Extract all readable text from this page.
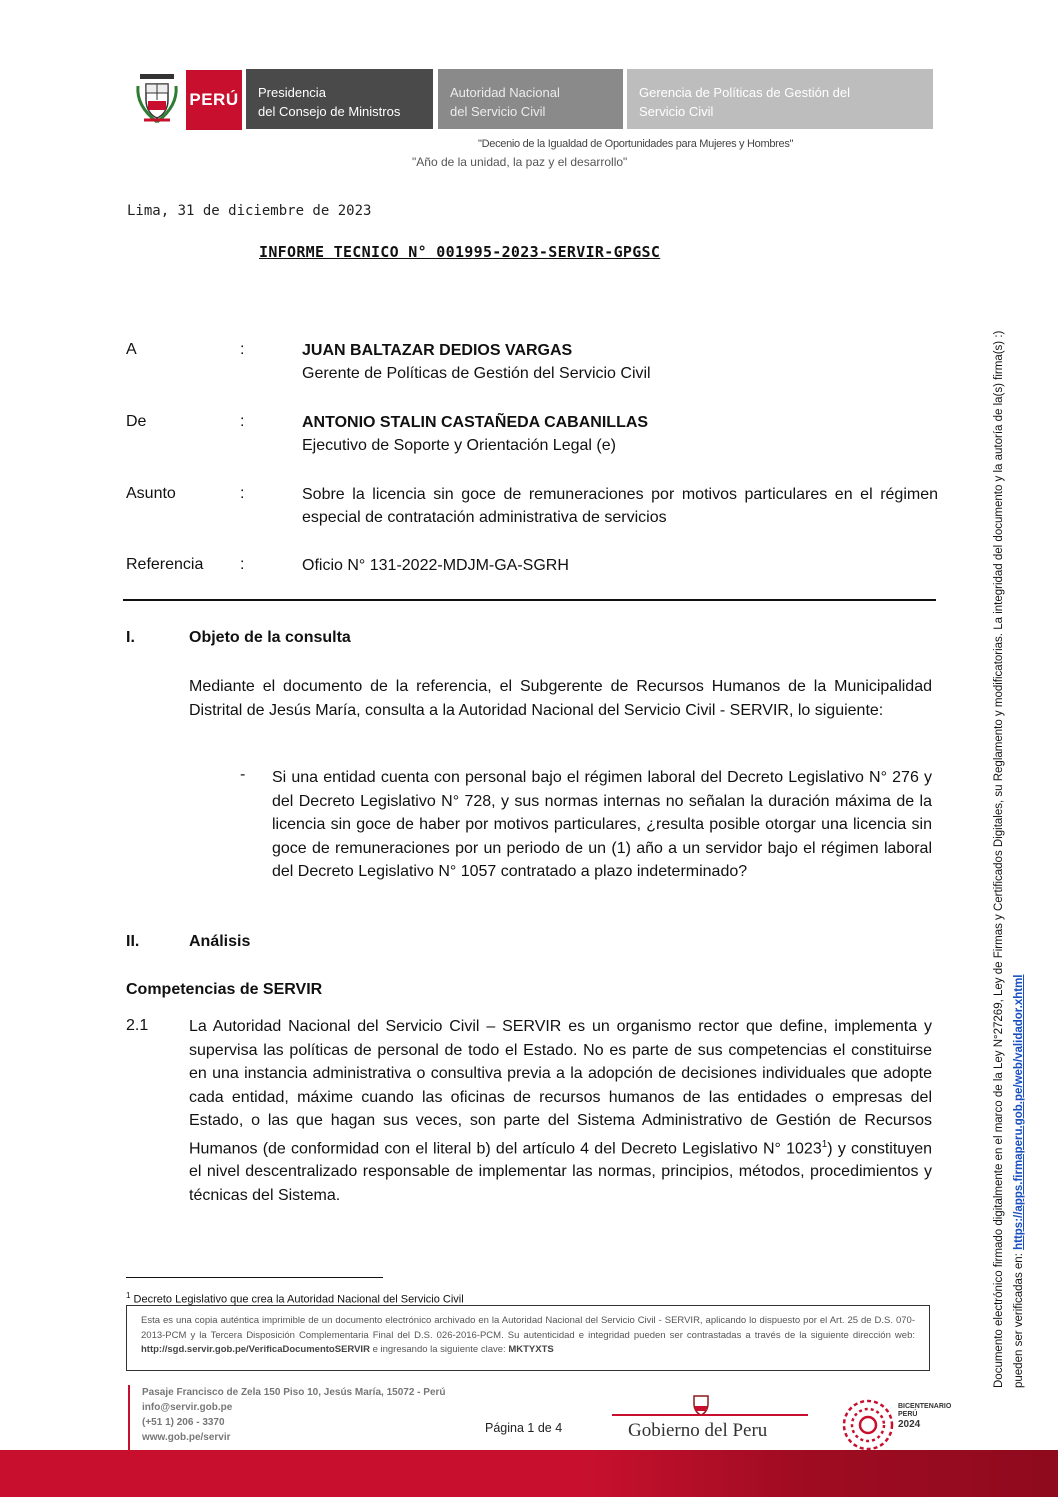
PERÚ Presidencia
del Consejo de Ministros
Autoridad Nacional
del Servicio Civil
Gerencia de Políticas de Gestión del
Servicio Civil
"Decenio de la Igualdad de Oportunidades para Mujeres y Hombres"
"Año de la unidad, la paz y el desarrollo"
Lima, 31 de diciembre de 2023
INFORME TECNICO N° 001995-2023-SERVIR-GPGSC
A	:	JUAN BALTAZAR DEDIOS VARGAS
Gerente de Políticas de Gestión del Servicio Civil
De	:	ANTONIO STALIN CASTAÑEDA CABANILLAS
Ejecutivo de Soporte y Orientación Legal (e)
Asunto	:	Sobre la licencia sin goce de remuneraciones por motivos particulares en el régimen especial de contratación administrativa de servicios
Referencia :	Oficio N° 131-2022-MDJM-GA-SGRH
I.	Objeto de la consulta
Mediante el documento de la referencia, el Subgerente de Recursos Humanos de la Municipalidad Distrital de Jesús María, consulta a la Autoridad Nacional del Servicio Civil - SERVIR, lo siguiente:
- Si una entidad cuenta con personal bajo el régimen laboral del Decreto Legislativo N° 276 y del Decreto Legislativo N° 728, y sus normas internas no señalan la duración máxima de la licencia sin goce de haber por motivos particulares, ¿resulta posible otorgar una licencia sin goce de remuneraciones por un periodo de un (1) año a un servidor bajo el régimen laboral del Decreto Legislativo N° 1057 contratado a plazo indeterminado?
II.	Análisis
Competencias de SERVIR
2.1	La Autoridad Nacional del Servicio Civil – SERVIR es un organismo rector que define, implementa y supervisa las políticas de personal de todo el Estado. No es parte de sus competencias el constituirse en una instancia administrativa o consultiva previa a la adopción de decisiones individuales que adopte cada entidad, máxime cuando las oficinas de recursos humanos de las entidades o empresas del Estado, o las que hagan sus veces, son parte del Sistema Administrativo de Gestión de Recursos Humanos (de conformidad con el literal b) del artículo 4 del Decreto Legislativo N° 1023$^1$) y constituyen el nivel descentralizado responsable de implementar las normas, principios, métodos, procedimientos y técnicas del Sistema.
$^1$ Decreto Legislativo que crea la Autoridad Nacional del Servicio Civil
Esta es una copia auténtica imprimible de un documento electrónico archivado en la Autoridad Nacional del Servicio Civil - SERVIR, aplicando lo dispuesto por el Art. 25 de D.S. 070-2013-PCM y la Tercera Disposición Complementaria Final del D.S. 026-2016-PCM. Su autenticidad e integridad pueden ser contrastadas a través de la siguiente dirección web: http://sgd.servir.gob.pe/VerificaDocumentoSERVIR e ingresando la siguiente clave: MKTYXTS
Pasaje Francisco de Zela 150 Piso 10, Jesús María, 15072 - Perú
info@servir.gob.pe
(+51 1) 206 - 3370
www.gob.pe/servir
Página 1 de 4	Gobierno del Peru
BICENTENARIO
PERÚ
2024
Documento electrónico firmado digitalmente en el marco de la Ley N°27269, Ley de Firmas y Certificados Digitales, su Reglamento y modificatorias. La integridad del documento y la autoría de la(s) firma(s) :) pueden ser verificadas en: https://apps.firmaperu.gob.pe/web/validador.xhtml
